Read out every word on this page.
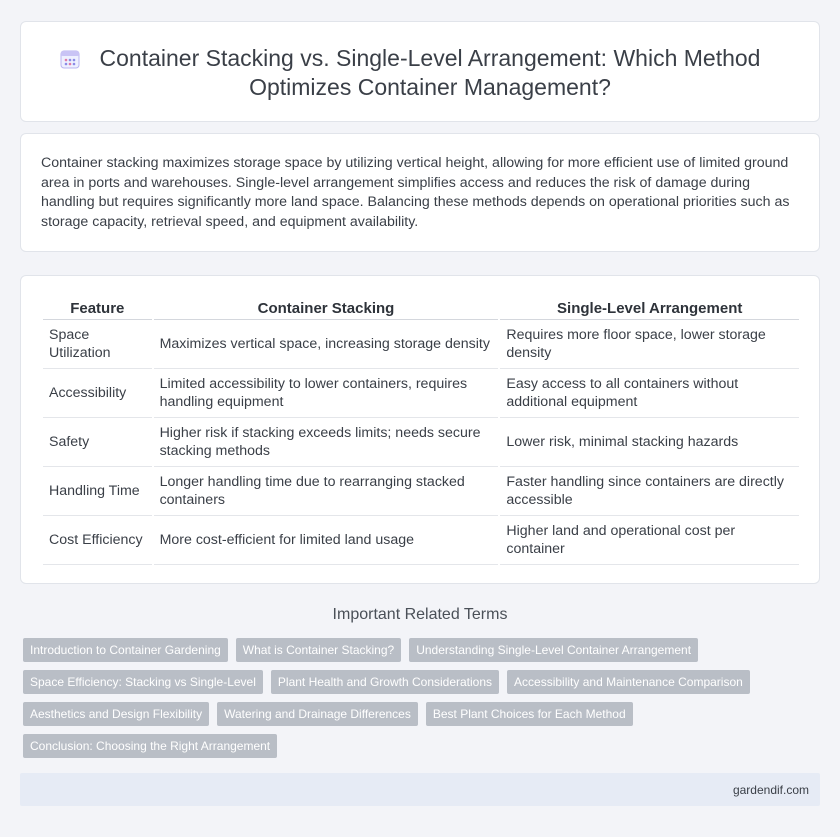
Container Stacking vs. Single-Level Arrangement: Which Method Optimizes Container Management?

Container stacking maximizes storage space by utilizing vertical height, allowing for more efficient use of limited ground area in ports and warehouses. Single-level arrangement simplifies access and reduces the risk of damage during handling but requires significantly more land space. Balancing these methods depends on operational priorities such as storage capacity, retrieval speed, and equipment availability.

Feature	Container Stacking	Single-Level Arrangement
Space Utilization	Maximizes vertical space, increasing storage density	Requires more floor space, lower storage density
Accessibility	Limited accessibility to lower containers, requires handling equipment	Easy access to all containers without additional equipment
Safety	Higher risk if stacking exceeds limits; needs secure stacking methods	Lower risk, minimal stacking hazards
Handling Time	Longer handling time due to rearranging stacked containers	Faster handling since containers are directly accessible
Cost Efficiency	More cost-efficient for limited land usage	Higher land and operational cost per container
Important Related Terms
Introduction to Container Gardening	What is Container Stacking?	Understanding Single-Level Container Arrangement
Space Efficiency: Stacking vs Single-Level	Plant Health and Growth Considerations	Accessibility and Maintenance Comparison
Aesthetics and Design Flexibility	Watering and Drainage Differences	Best Plant Choices for Each Method
Conclusion: Choosing the Right Arrangement
gardendif.com
